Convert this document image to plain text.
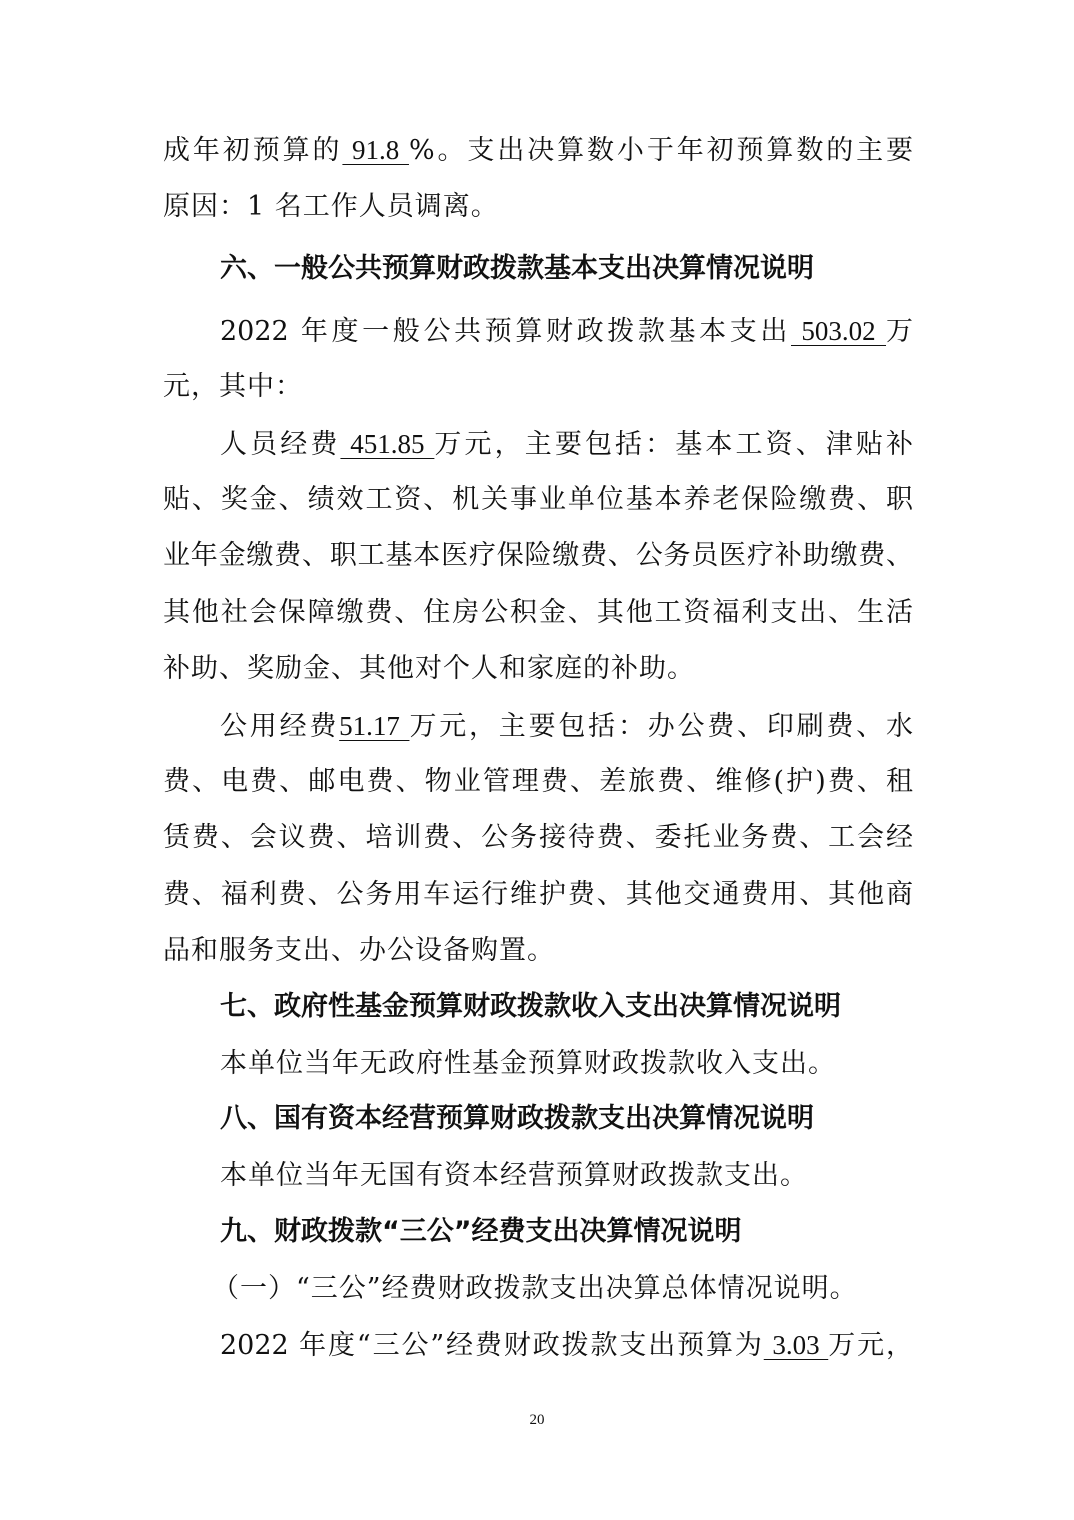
成年初预算的 91.8 %。支出决算数小于年初预算数的主要
原因：1 名工作人员调离。
六、一般公共预算财政拨款基本支出决算情况说明
2022 年度一般公共预算财政拨款基本支出 503.02 万
元，其中：
人员经费 451.85 万元，主要包括：基本工资、津贴补
贴、奖金、绩效工资、机关事业单位基本养老保险缴费、职
业年金缴费、职工基本医疗保险缴费、公务员医疗补助缴费、
其他社会保障缴费、住房公积金、其他工资福利支出、生活
补助、奖励金、其他对个人和家庭的补助。
公用经费51.17 万元，主要包括：办公费、印刷费、水
费、电费、邮电费、物业管理费、差旅费、维修(护)费、租
赁费、会议费、培训费、公务接待费、委托业务费、工会经
费、福利费、公务用车运行维护费、其他交通费用、其他商
品和服务支出、办公设备购置。
七、政府性基金预算财政拨款收入支出决算情况说明
本单位当年无政府性基金预算财政拨款收入支出。
八、国有资本经营预算财政拨款支出决算情况说明
本单位当年无国有资本经营预算财政拨款支出。
九、财政拨款“三公”经费支出决算情况说明
（一）“三公”经费财政拨款支出决算总体情况说明。
2022 年度“三公”经费财政拨款支出预算为 3.03 万元，
20
